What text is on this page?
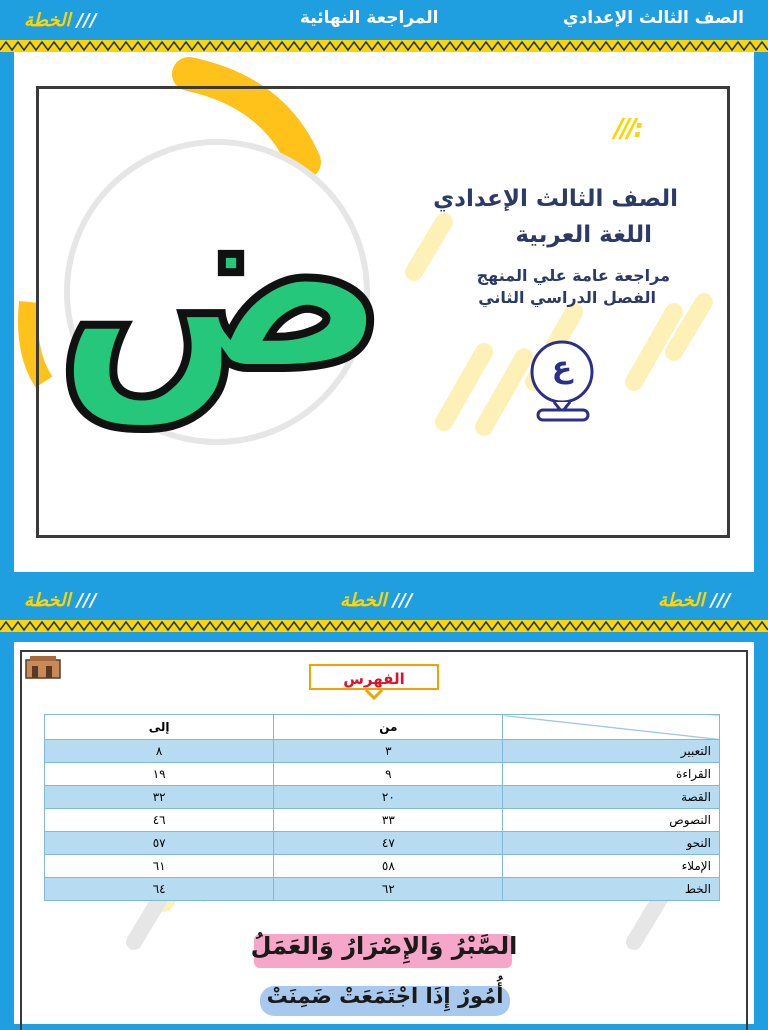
الخطة ///	المراجعة النهائية	الصف الثالث الإعدادي
ض
///:
الصف الثالث الإعدادي
اللغة العربية
مراجعة عامة علي المنهج
الفصل الدراسي الثاني
ع
الخطة ///	الخطة ///	الخطة ///
الفهرس
إلى	من	
٨	٣	التعبير
١٩	٩	القراءة
٣٢	٢٠	القصة
٤٦	٣٣	النصوص
٥٧	٤٧	النحو
٦١	٥٨	الإملاء
٦٤	٦٢	الخط
الصَّبْرُ وَالإِصْرَارُ وَالعَمَلُ
أُمُورٌ إِذَا اجْتَمَعَتْ ضَمِنَتْ
